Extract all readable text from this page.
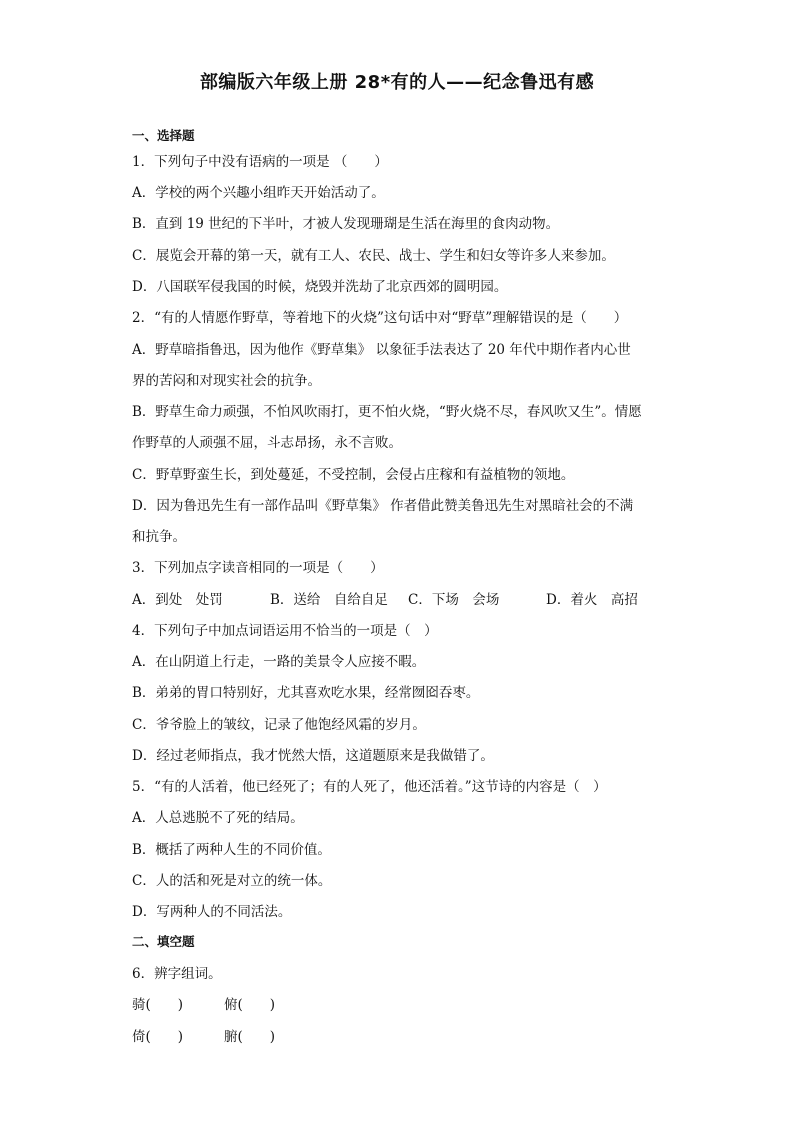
部编版六年级上册 28*有的人——纪念鲁迅有感
一、选择题
1．下列句子中没有语病的一项是 （　　）
A．学校的两个兴趣小组昨天开始活动了。
B．直到 19 世纪的下半叶，才被人发现珊瑚是生活在海里的食肉动物。
C．展览会开幕的第一天，就有工人、农民、战士、学生和妇女等许多人来参加。
D．八国联军侵我国的时候，烧毁并洗劫了北京西郊的圆明园。
2．“有的人情愿作野草，等着地下的火烧”这句话中对“野草”理解错误的是（　　）
A．野草暗指鲁迅，因为他作《野草集》 以象征手法表达了 20 年代中期作者内心世
界的苦闷和对现实社会的抗争。
B．野草生命力顽强，不怕风吹雨打，更不怕火烧，“野火烧不尽，春风吹又生”。情愿
作野草的人顽强不屈，斗志昂扬，永不言败。
C．野草野蛮生长，到处蔓延，不受控制，会侵占庄稼和有益植物的领地。
D．因为鲁迅先生有一部作品叫《野草集》 作者借此赞美鲁迅先生对黑暗社会的不满
和抗争。
3．下列加点字读音相同的一项是（　　）
A．到处　处罚	B．送给　自给自足 C．下场　会场	D．着火　高招
4．下列句子中加点词语运用不恰当的一项是（　）
A．在山阴道上行走，一路的美景令人应接不暇。
B．弟弟的胃口特别好，尤其喜欢吃水果，经常囫囵吞枣。
C．爷爷脸上的皱纹，记录了他饱经风霜的岁月。
D．经过老师指点，我才恍然大悟，这道题原来是我做错了。
5．“有的人活着，他已经死了；有的人死了，他还活着。”这节诗的内容是（　）
A．人总逃脱不了死的结局。
B．概括了两种人生的不同价值。
C．人的活和死是对立的统一体。
D．写两种人的不同活法。
二、填空题
6．辨字组词。
骑(　　)	俯(　　)
倚(　　)	腑(　　)
